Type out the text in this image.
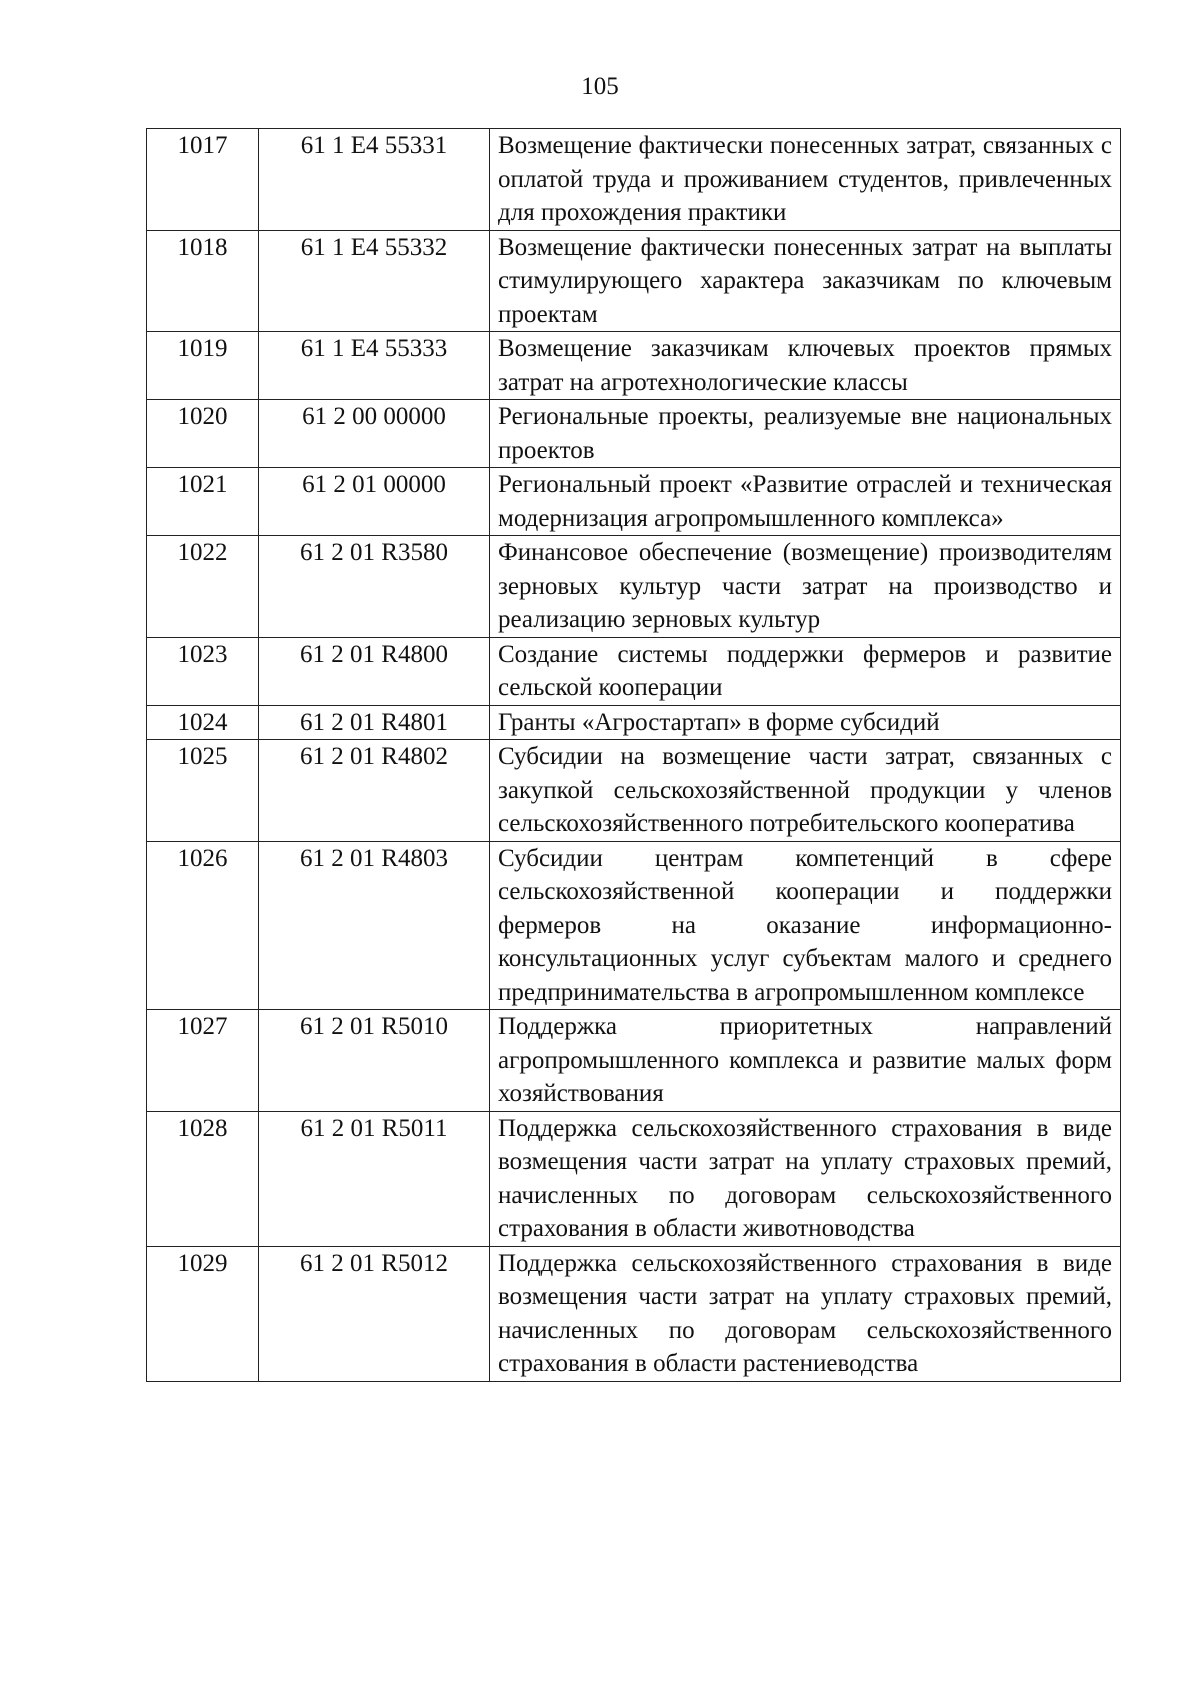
105
1017	61 1 E4 55331	Возмещение фактически понесенных затрат, связанных с оплатой труда и проживанием студентов, привлеченных для прохождения практики
1018	61 1 E4 55332	Возмещение фактически понесенных затрат на выплаты стимулирующего характера заказчикам по ключевым проектам
1019	61 1 E4 55333	Возмещение заказчикам ключевых проектов прямых затрат на агротехнологические классы
1020	61 2 00 00000	Региональные проекты, реализуемые вне национальных проектов
1021	61 2 01 00000	Региональный проект «Развитие отраслей и техническая модернизация агропромышленного комплекса»
1022	61 2 01 R3580	Финансовое обеспечение (возмещение) производителям зерновых культур части затрат на производство и реализацию зерновых культур
1023	61 2 01 R4800	Создание системы поддержки фермеров и развитие сельской кооперации
1024	61 2 01 R4801	Гранты «Агростартап» в форме субсидий
1025	61 2 01 R4802	Субсидии на возмещение части затрат, связанных с закупкой сельскохозяйственной продукции у членов сельскохозяйственного потребительского кооператива
1026	61 2 01 R4803	Субсидии центрам компетенций в сфере сельскохозяйственной кооперации и поддержки фермеров на оказание информационно-консультационных услуг субъектам малого и среднего предпринимательства в агропромышленном комплексе
1027	61 2 01 R5010	Поддержка приоритетных направлений агропромышленного комплекса и развитие малых форм хозяйствования
1028	61 2 01 R5011	Поддержка сельскохозяйственного страхования в виде возмещения части затрат на уплату страховых премий, начисленных по договорам сельскохозяйственного страхования в области животноводства
1029	61 2 01 R5012	Поддержка сельскохозяйственного страхования в виде возмещения части затрат на уплату страховых премий, начисленных по договорам сельскохозяйственного страхования в области растениеводства
